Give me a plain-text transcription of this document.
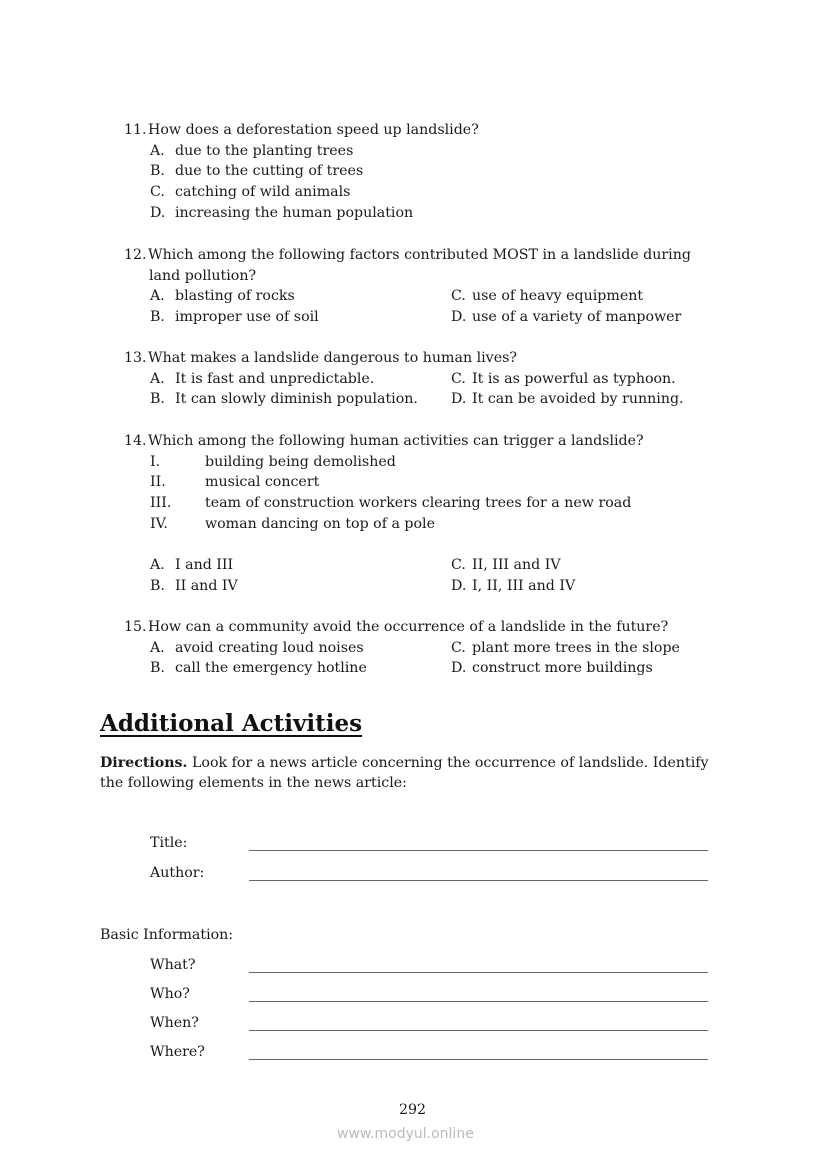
11. How does a deforestation speed up landslide?
A. due to the planting trees
B. due to the cutting of trees
C. catching of wild animals
D. increasing the human population
12. Which among the following factors contributed MOST in a landslide during
land pollution?
A. blasting of rocks	C. use of heavy equipment
B. improper use of soil	D. use of a variety of manpower
13. What makes a landslide dangerous to human lives?
A. It is fast and unpredictable.	C. It is as powerful as typhoon.
B. It can slowly diminish population. D. It can be avoided by running.
14. Which among the following human activities can trigger a landslide?
I.	building being demolished
II.	musical concert
III. team of construction workers clearing trees for a new road
IV.	woman dancing on top of a pole
A. I and III	C. II, III and IV
B. II and IV	D. I, II, III and IV
15. How can a community avoid the occurrence of a landslide in the future?
A. avoid creating loud noises	C. plant more trees in the slope
B. call the emergency hotline	D. construct more buildings
Additional Activities
Directions. Look for a news article concerning the occurrence of landslide. Identify
the following elements in the news article:
Title:
Author:
Basic Information:
What?
Who?
When?
Where?
292
www.modyul.online
